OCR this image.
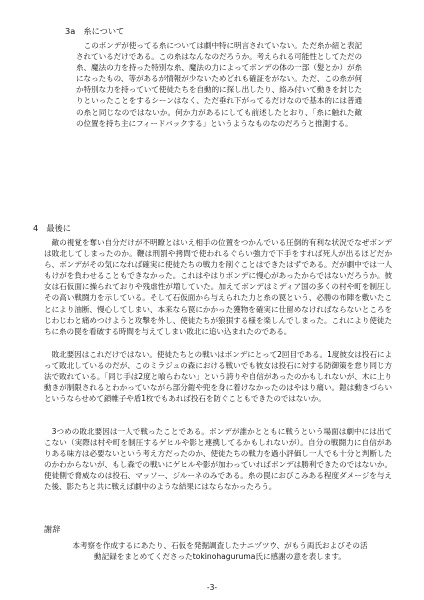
3a　糸について

このボンデが使ってる糸については劇中特に明言されていない。ただ糸か紐と表記されているだけである。この糸はなんなのだろうか。考えられる可能性としてただの糸、魔法の力を持った特別な糸、魔法の力によってボンデの体の一部（髪とか）が糸になったもの、等があるが情報が少ないためどれも確証をがない。ただ、この糸が何か特別な力を持っていて使徒たちを自動的に探し出したり、絡み付いて動きを封じたりといったことをするシーンはなく、ただ垂れ下がってるだけなので基本的には普通の糸と同じなのではないか。何か力があるにしても前述したとおり、「糸に触れた敵の位置を持ち主にフィードバックする」というようなものなのだろうと推測する。

4　最後に

敵の視覚を奪い自分だけが不明瞭とはいえ相手の位置をつかんでいる圧倒的有利な状況でなぜボンデは敗北してしまったのか。鞭は刑罰や拷問で使われるぐらい強力で下手をすれば死人が出るほどだから、ボンデがその気になれば確実に使徒たちの戦力を削ぐことはできたはずである。だが劇中では一人もけがを負わせることもできなかった。これはやはりボンデに慢心があったからではないだろうか。彼女は石仮面に操られておりや残虐性が増していた。加えてボンデはミディア国の多くの村や町を制圧しその高い戦闘力を示している。そして石仮面から与えられた力と糸の罠という、必勝の布陣を敷いたことにより油断、慢心してしまい、本来なら罠にかかった獲物を確実に仕留めなければならないところをじわじわと痛めつけようと攻撃を外し、使徒たちが狼狽する様を楽しんでしまった。これにより使徒たちに糸の罠を看破する時間を与えてしまい敗北に追い込まれたのである。

敗北要因はこれだけではない。使徒たちとの戦いはボンデにとって2回目である。1度彼女は投石によって敗北しているのだが、このミラジュの森における戦いでも彼女は投石に対する防御策を怠り同じ方法で敗れている。「同じ手は2度と喰らわない」という誇りや自信があったのかもしれないが、木に上り動きが制限されるとわかっていながら部分鎧や兜を身に着けなかったのはやはり痛い。鎧は動きづらいというならせめて鎖帷子や盾1枚でもあれば投石を防ぐこともできたのではないか。

3つめの敗北要因は一人で戦ったことである。ボンデが誰かとともに戦うという場面は劇中には出てこない（実際は村や町を制圧するゲヒルや影と連携してるかもしれないが）。自分の戦闘力に自信がありある味方は必要ないという考え方だったのか、使徒たちの戦力を過小評価し一人でも十分と判断したのかわからないが、もし森での戦いにゲヒルや影が加わっていればボンデは勝利できたのではないか。使徒側で脅威なのは投石、マッソー、ジルーネのみである。糸の罠におびこみある程度ダメージを与えた後、影たちと共に戦えば劇中のような結果にはならなかったろう。

謝辞

本考察を作成するにあたり、石仮を発掘調査したナニヅツウ、がもう両氏およびその活動記録をまとめてくださったtokinohaguruma氏に感謝の意を表します。

-3-
